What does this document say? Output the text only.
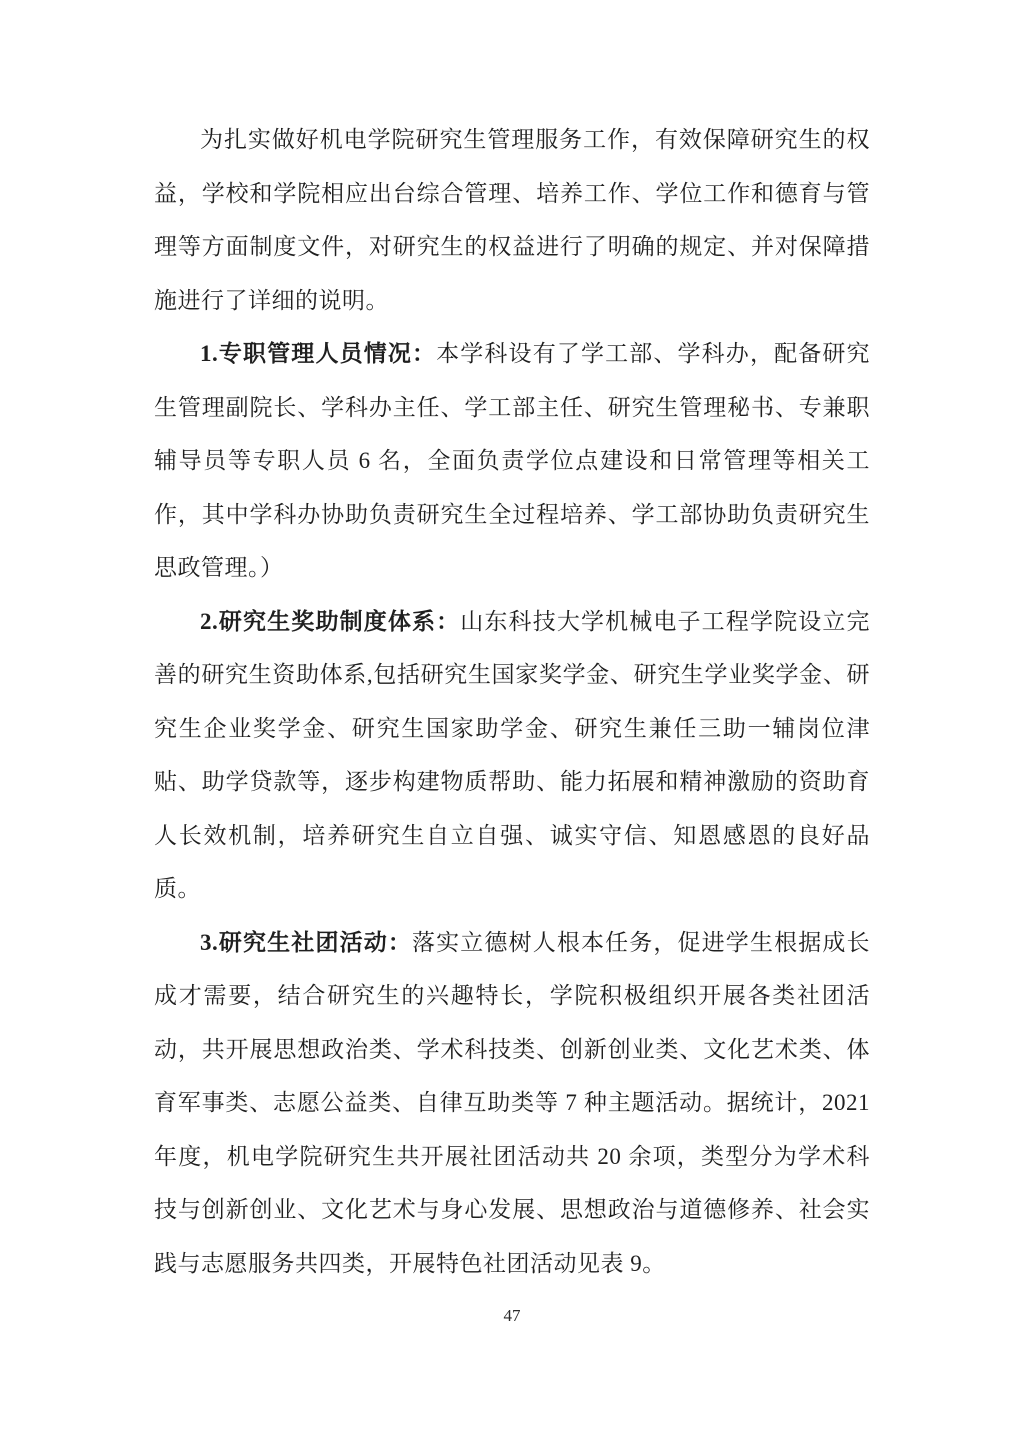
为扎实做好机电学院研究生管理服务工作，有效保障研究生的权益，学校和学院相应出台综合管理、培养工作、学位工作和德育与管理等方面制度文件，对研究生的权益进行了明确的规定、并对保障措施进行了详细的说明。

1.专职管理人员情况：本学科设有了学工部、学科办，配备研究生管理副院长、学科办主任、学工部主任、研究生管理秘书、专兼职辅导员等专职人员 6 名，全面负责学位点建设和日常管理等相关工作，其中学科办协助负责研究生全过程培养、学工部协助负责研究生思政管理。）

2.研究生奖助制度体系：山东科技大学机械电子工程学院设立完善的研究生资助体系,包括研究生国家奖学金、研究生学业奖学金、研究生企业奖学金、研究生国家助学金、研究生兼任三助一辅岗位津贴、助学贷款等，逐步构建物质帮助、能力拓展和精神激励的资助育人长效机制，培养研究生自立自强、诚实守信、知恩感恩的良好品质。

3.研究生社团活动：落实立德树人根本任务，促进学生根据成长成才需要，结合研究生的兴趣特长，学院积极组织开展各类社团活动，共开展思想政治类、学术科技类、创新创业类、文化艺术类、体育军事类、志愿公益类、自律互助类等 7 种主题活动。据统计，2021 年度，机电学院研究生共开展社团活动共 20 余项，类型分为学术科技与创新创业、文化艺术与身心发展、思想政治与道德修养、社会实践与志愿服务共四类，开展特色社团活动见表 9。

47
